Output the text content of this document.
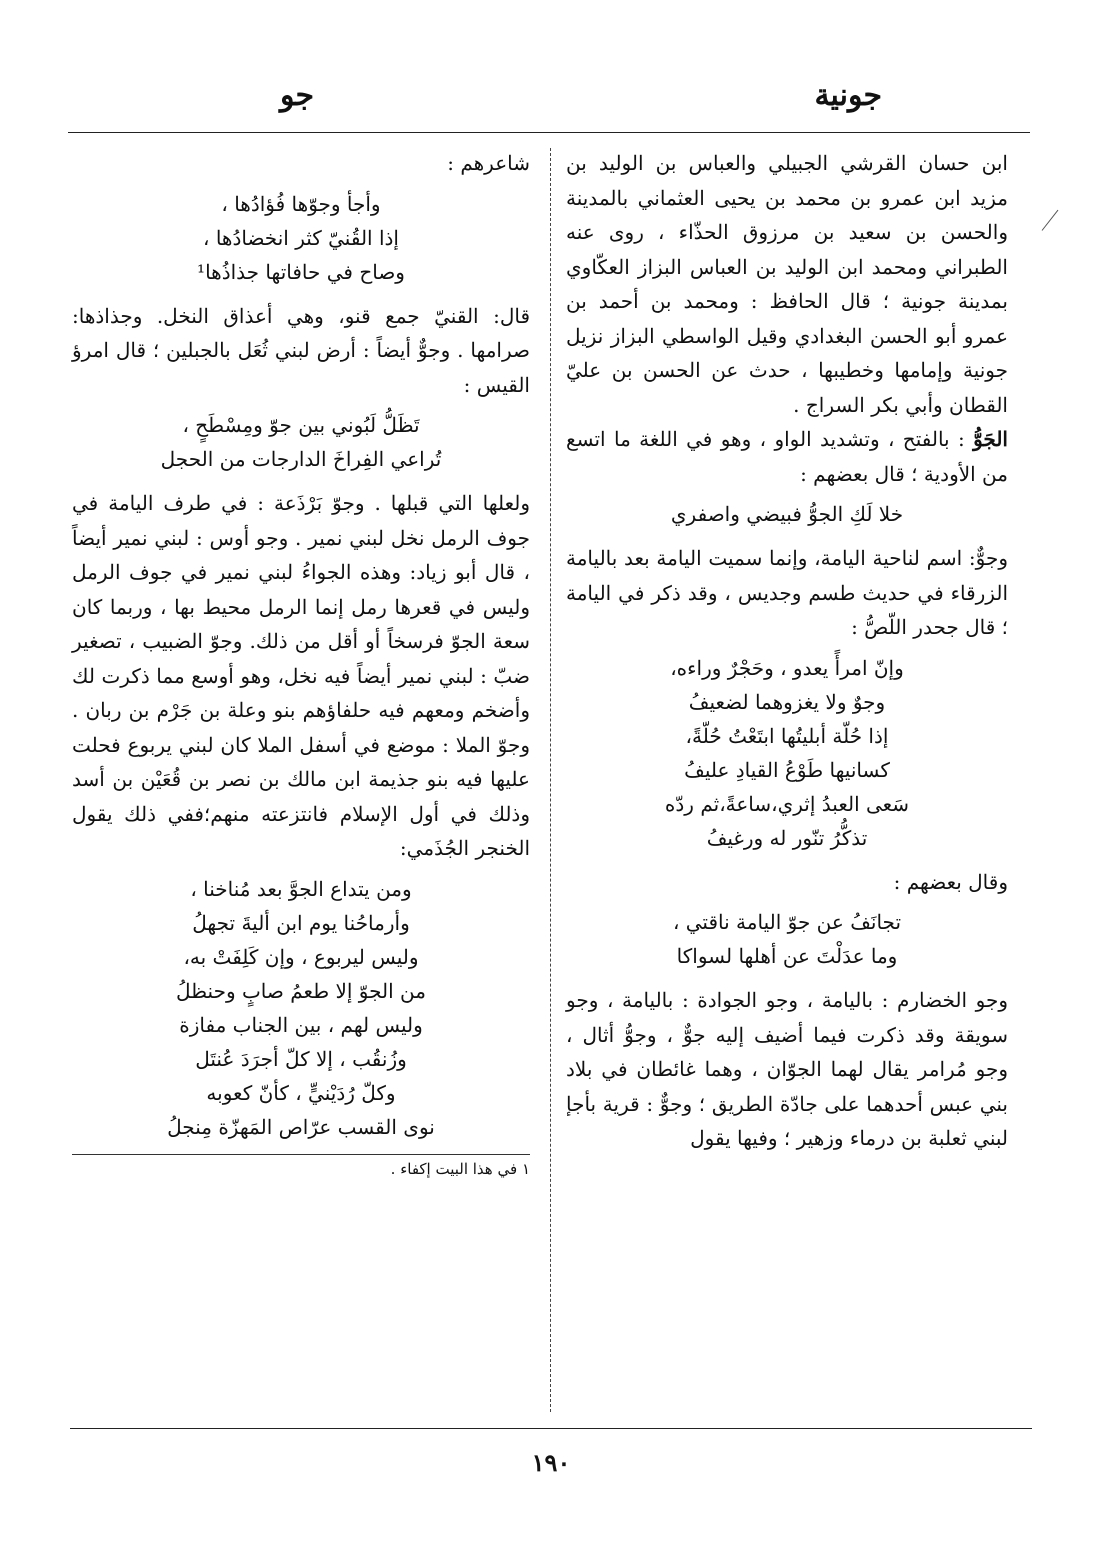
جونية
جو

ابن حسان القرشي الجبيلي والعباس بن الوليد بن مزيد ابن عمرو بن محمد بن يحيى العثماني بالمدينة والحسن بن سعيد بن مرزوق الحذّاء ، روى عنه الطبراني ومحمد ابن الوليد بن العباس البزاز العكّاوي بمدينة جونية ؛ قال الحافظ : ومحمد بن أحمد بن عمرو أبو الحسن البغدادي وقيل الواسطي البزاز نزيل جونية وإمامها وخطيبها ، حدث عن الحسن بن عليّ القطان وأبي بكر السراج .

الجَوُّ : بالفتح ، وتشديد الواو ، وهو في اللغة ما اتسع من الأودية ؛ قال بعضهم :

خلا لَكِ الجوُّ فبيضي واصفري

وجوٌّ: اسم لناحية اليامة، وإنما سميت اليامة بعد باليامة الزرقاء في حديث طسم وجديس ، وقد ذكر في اليامة ؛ قال جحدر اللّصُّ :

وإنّ امرأً يعدو ، وحَجْرٌ وراءه،
وجوٌ ولا يغزوهما لضعيفُ
إذا حُلّة أبليتُها ابتَعْتُ حُلّةً،
كسانيها طَوْعُ القيادِ عليفُ
سَعى العبدُ إثري،ساعةً،ثم ردّه
تذكُّرُ تنّور له ورغيفُ

وقال بعضهم :

تجانَفُ عن جوّ اليامة ناقتي ،
وما عدَلْتَ عن أهلها لسواكا

وجو الخضارم : باليامة ، وجو الجوادة : باليامة ، وجو سويقة وقد ذكرت فيما أضيف إليه جوٌّ ، وجوُّ أثال ، وجو مُرامر يقال لهما الجوّان ، وهما غائطان في بلاد بني عبس أحدهما على جادّة الطريق ؛ وجوٌّ : قرية بأجإ لبني ثعلبة بن درماء وزهير ؛ وفيها يقول

شاعرهم :

وأجأ وجوّها فُؤادُها ،
إذا القُنيّ كثر انخضادُها ،
وصاح في حافاتها جذاذُها¹

قال: القنيّ جمع قنو، وهي أعذاق النخل. وجذاذها: صرامها . وجوٌّ أيضاً : أرض لبني ثُعَل بالجبلين ؛ قال امرؤ القيس :

تَظَلُّ لَبُوني بين جوّ ومِسْطَحٍ ،
تُراعي الفِراخَ الدارجات من الحجل

ولعلها التي قبلها . وجوّ بَرْذَعة : في طرف اليامة في جوف الرمل نخل لبني نمير . وجو أوس : لبني نمير أيضاً ، قال أبو زياد: وهذه الجواءُ لبني نمير في جوف الرمل وليس في قعرها رمل إنما الرمل محيط بها ، وربما كان سعة الجوّ فرسخاً أو أقل من ذلك. وجوّ الضبيب ، تصغير ضبّ : لبني نمير أيضاً فيه نخل، وهو أوسع مما ذكرت لك وأضخم ومعهم فيه حلفاؤهم بنو وعلة بن جَرْم بن ربان . وجوّ الملا : موضع في أسفل الملا كان لبني يربوع فحلت عليها فيه بنو جذيمة ابن مالك بن نصر بن قُعَيْن بن أسد وذلك في أول الإسلام فانتزعته منهم؛ففي ذلك يقول الخنجر الجُذَمي:

ومن يتداع الجوَّ بعد مُناخنا ،
وأرماحُنا يوم ابن أليةَ تجهلُ
وليس ليربوع ، وإن كَلِفَتْ به،
من الجوّ إلا طعمُ صابٍ وحنظلُ
وليس لهم ، بين الجناب مفازة
وزُنقُب ، إلا كلّ أجرَدَ عُنتَل
وكلّ رُدَيْنيٍّ ، كأنّ كعوبه
نوى القسب عرّاص المَهزّة مِنجلُ
١ في هذا البيت إكفاء .
١٩٠
